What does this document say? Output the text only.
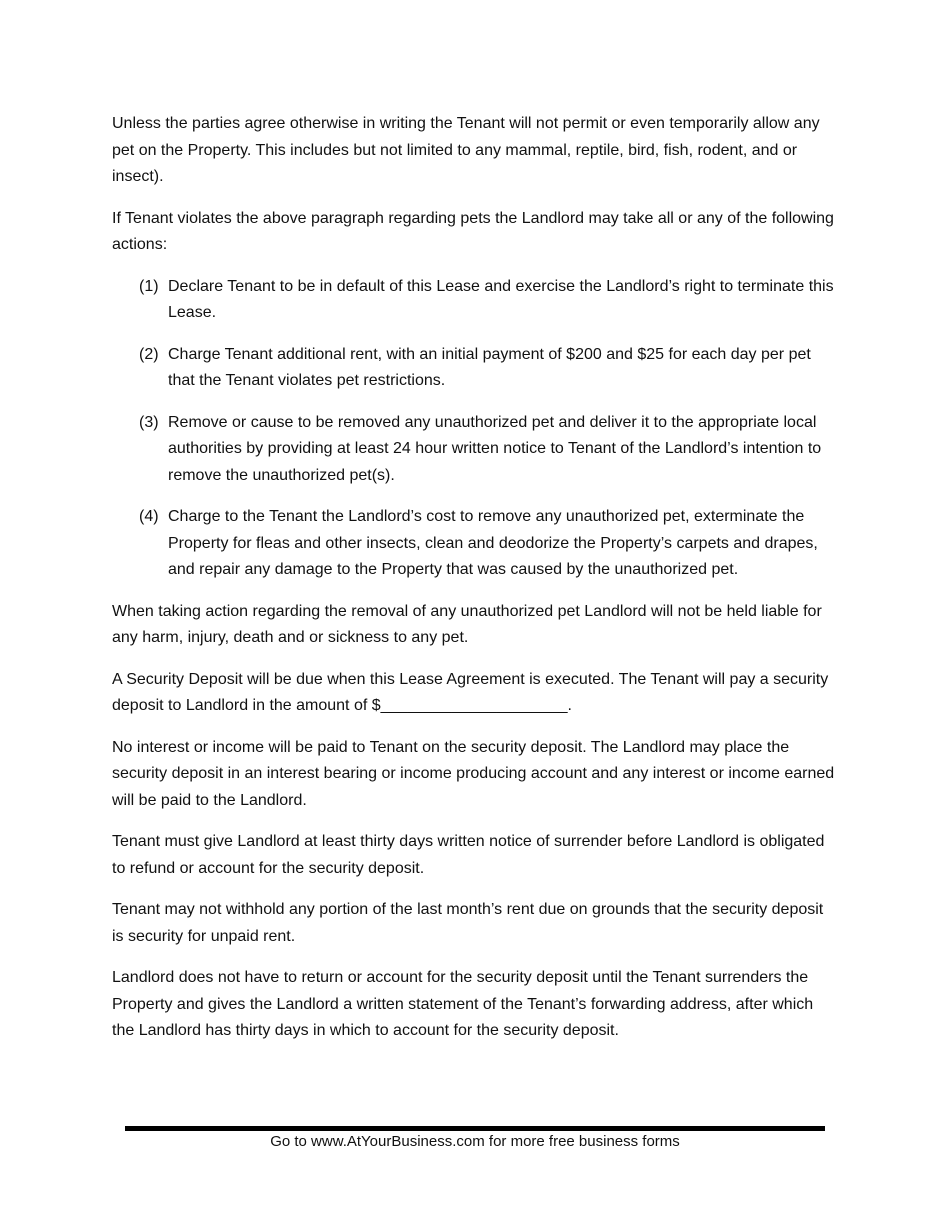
Unless the parties agree otherwise in writing the Tenant will not permit or even temporarily allow any pet on the Property. This includes but not limited to any mammal, reptile, bird, fish, rodent, and or insect).

If Tenant violates the above paragraph regarding pets the Landlord may take all or any of the following actions:

(1) Declare Tenant to be in default of this Lease and exercise the Landlord’s right to terminate this Lease.
(2) Charge Tenant additional rent, with an initial payment of $200 and $25 for each day per pet that the Tenant violates pet restrictions.
(3) Remove or cause to be removed any unauthorized pet and deliver it to the appropriate local authorities by providing at least 24 hour written notice to Tenant of the Landlord’s intention to remove the unauthorized pet(s).
(4) Charge to the Tenant the Landlord’s cost to remove any unauthorized pet, exterminate the Property for fleas and other insects, clean and deodorize the Property’s carpets and drapes, and repair any damage to the Property that was caused by the unauthorized pet.

When taking action regarding the removal of any unauthorized pet Landlord will not be held liable for any harm, injury, death and or sickness to any pet.

A Security Deposit will be due when this Lease Agreement is executed. The Tenant will pay a security deposit to Landlord in the amount of $_____________________.

No interest or income will be paid to Tenant on the security deposit. The Landlord may place the security deposit in an interest bearing or income producing account and any interest or income earned will be paid to the Landlord.

Tenant must give Landlord at least thirty days written notice of surrender before Landlord is obligated to refund or account for the security deposit.

Tenant may not withhold any portion of the last month’s rent due on grounds that the security deposit is security for unpaid rent.

Landlord does not have to return or account for the security deposit until the Tenant surrenders the Property and gives the Landlord a written statement of the Tenant’s forwarding address, after which the Landlord has thirty days in which to account for the security deposit.

Go to www.AtYourBusiness.com for more free business forms
